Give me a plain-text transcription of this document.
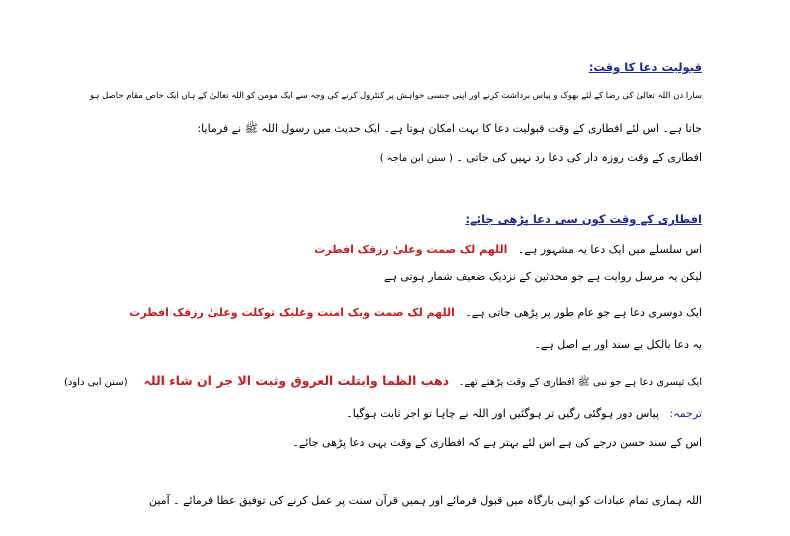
قبولیت دعا کا وقت:
سارا دن اللہ تعالیٰ کی رضا کے لئے بھوک و پیاس برداشت کرنے اور اپنی جنسی خواہش پر کنٹرول کرنے کی وجہ سے ایک مومن کو اللہ تعالیٰ کے ہاں ایک خاص مقام حاصل ہو
جاتا ہے۔ اس لئے افطاری کے وقت قبولیت دعا کا بہت امکان ہوتا ہے۔ ایک حدیث میں رسول اللہ ﷺ نے فرمایا:
افطاری کے وقت روزہ دار کی دعا رد نہیں کی جاتی ۔ ( سنن ابن ماجہ )
افطاری کے وقت کون سی دعا پڑھی جائے:
اس سلسلے میں ایک دعا یہ مشہور ہے۔   اللھم لک صمت وعلیٰ رزقک افطرت
لیکن یہ مرسل روایت ہے جو محدثین کے نزدیک ضعیف شمار ہوتی ہے
ایک دوسری دعا ہے جو عام طور پر پڑھی جاتی ہے۔   اللھم لک صمت وبک امنت وعلیک توکلت وعلیٰ رزقک افطرت
یہ دعا بالکل بے سند اور بے اصل ہے۔
ایک تیسری دعا ہے جو نبی ﷺ افطاری کے وقت پڑھتے تھے۔   ذھب الظما وابتلت العروق وثبت الا جر ان شاء اللہ     (سنن ابی داود)
ترجمہ:   پیاس دور ہوگئی رگیں تر ہوگئیں اور اللہ نے چاہا تو اجر ثابت ہوگیا۔
اس کے سند حسن درجے کی ہے اس لئے بہتر ہے کہ افطاری کے وقت یہی دعا پڑھی جائے۔
اللہ ہماری تمام عبادات کو اپنی بارگاہ میں قبول فرمائے اور ہمیں قرآن سنت پر عمل کرنے کی توفیق عطا فرمائے ۔ آمین
